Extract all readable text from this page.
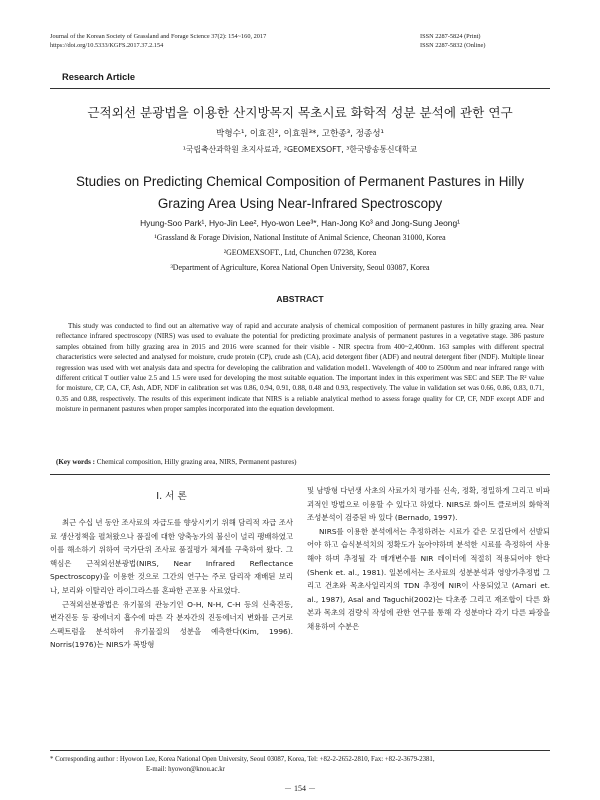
Journal of the Korean Society of Grassland and Forage Science 37(2): 154~160, 2017
https://doi.org/10.5333/KGFS.2017.37.2.154
ISSN 2287-5824 (Print)
ISSN 2287-5832 (Online)
Research Article
근적외선 분광법을 이용한 산지방목지 목초시료 화학적 성분 분석에 관한 연구
박형수¹, 이효진², 이효원³*, 고한종³, 정종성¹
¹국립축산과학원 초지사료과, ²GEOMEXSOFT, ³한국방송통신대학교
Studies on Predicting Chemical Composition of Permanent Pastures in Hilly
Grazing Area Using Near-Infrared Spectroscopy
Hyung-Soo Park¹, Hyo-Jin Lee², Hyo-won Lee³*, Han-Jong Ko³ and Jong-Sung Jeong¹
¹Grassland & Forage Division, National Institute of Animal Science, Cheonan 31000, Korea
²GEOMEXSOFT., Ltd, Chunchen 07238, Korea
³Department of Agriculture, Korea National Open University, Seoul 03087, Korea
ABSTRACT
This study was conducted to find out an alternative way of rapid and accurate analysis of chemical composition of permanent pastures in hilly grazing area. Near reflectance infrared spectroscopy (NIRS) was used to evaluate the potential for predicting proximate analysis of permanent pastures in a vegetative stage. 386 pasture samples obtained from hilly grazing area in 2015 and 2016 were scanned for their visible - NIR spectra from 400~2,400nm. 163 samples with different spectral characteristics were selected and analysed for moisture, crude protein (CP), crude ash (CA), acid detergent fiber (ADF) and neutral detergent fiber (NDF). Multiple linear regression was used with wet analysis data and spectra for developing the calibration and validation model1. Wavelength of 400 to 2500nm and near infrared range with different critical T outlier value 2.5 and 1.5 were used for developing the most suitable equation. The important index in this experiment was SEC and SEP. The R² value for moisture, CP, CA, CF, Ash, ADF, NDF in calibration set was 0.86, 0.94, 0.91, 0.88, 0.48 and 0.93, respectively. The value in validation set was 0.66, 0.86, 0.83, 0.71, 0.35 and 0.88, respectively. The results of this experiment indicate that NIRS is a reliable analytical method to assess forage quality for CP, CF, NDF except ADF and moisture in permanent pastures when proper samples incorporated into the equation development.
(Key words : Chemical composition, Hilly grazing area, NIRS, Permanent pastures)
Ⅰ. 서 론

최근 수십 년 동안 조사료의 자급도를 향상시키기 위해 담리적 자급 조사료 생산정책을 펼쳐왔으나 품질에 대한 양축농가의 불신이 널리 팽배하였고 이를 해소하기 위하여 국가단위 조사료 품질평가 체계를 구축하여 왔다. 그 핵심은 근적외선분광법(NIRS, Near Infrared Reflectance Spectroscopy)을 이용한 것으로 그간의 연구는 주로 담리작 재배된 보리나, 보리와 이탈리안 라이그라스를 혼파한 곤포용 사료였다.

근적외선분광법은 유기물의 관능기인 O-H, N-H, C-H 등의 신축진동, 변각진동 등 광에너지 흡수에 따른 각 분자간의 진동에너지 변화를 근거로 스펙트럼을 분석하여 유기물질의 성분을 예측한다(Kim, 1996). Norris(1976)는 NIRS가 복방형

및 남방형 다년생 사초의 사료가치 평가를 신속, 정확, 정밀하게 그리고 비파괴적인 방법으로 이용할 수 있다고 하였다. NIRS로 화이트 클로버의 화학적 조성분석이 검증된 바 있다 (Bernado, 1997).

NIRS를 이용한 분석에서는 추정하려는 시료가 같은 모집단에서 선발되어야 하고 습식분석치의 정확도가 높아야하며 분석한 시료를 측정하여 사용해야 하며 추정될 각 매개변수를 NIR 데이터에 적절히 적용되어야 한다(Shenk et. al., 1981). 일본에서는 조사료의 성분분석과 영양가추정법 그리고 건초와 목초사일리지의 TDN 추정에 NIR이 사용되었고 (Amari et. al., 1987), Asal and Taguchi(2002)는 다초종 그리고 재조합이 다른 화본과 목초의 검량식 작성에 관한 연구를 통해 각 성분마다 각기 다른 파장을 채용하여 수분은

* Corresponding author : Hyowon Lee, Korea National Open University, Seoul 03087, Korea, Tel: +82-2-2652-2810, Fax: +82-2-3679-2381,
E-mail: hyowon@knou.ac.kr
－ 154 －
